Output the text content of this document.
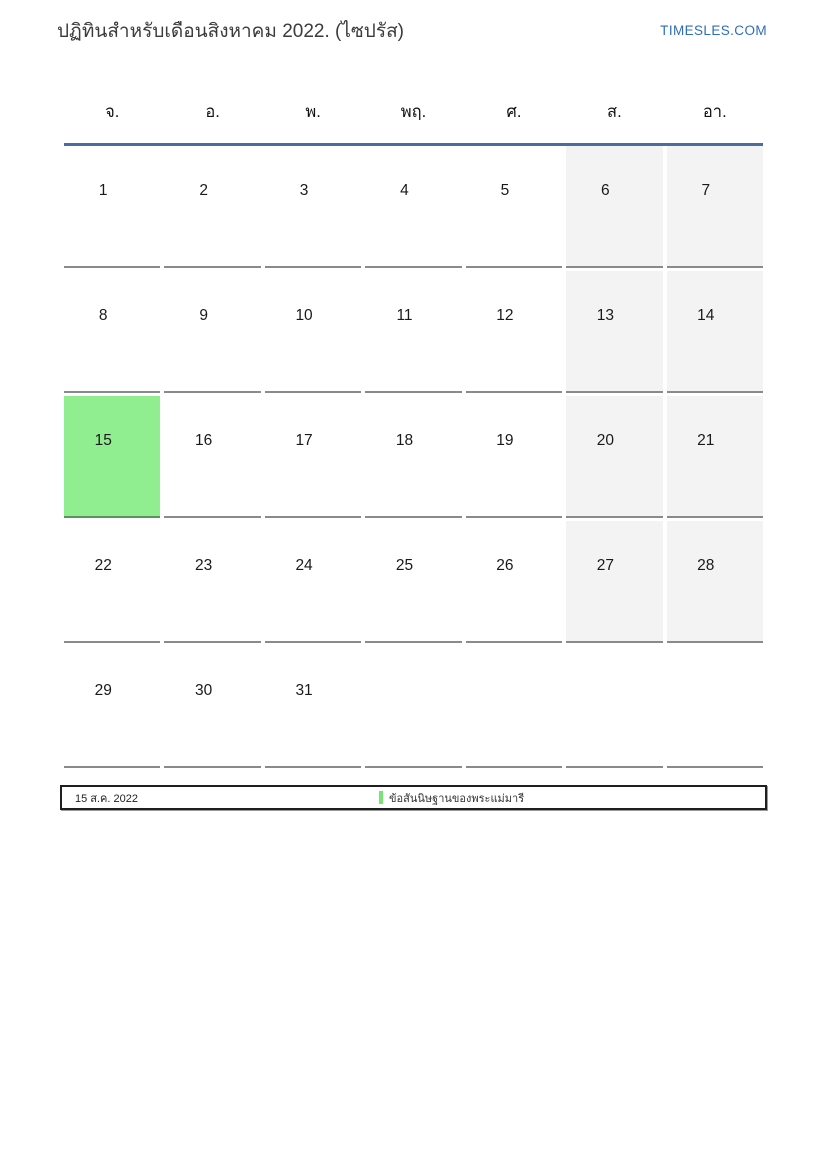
ปฏิทินสำหรับเดือนสิงหาคม 2022. (ไซปรัส)	TIMESLES.COM
จ.	อ.	พ.	พฤ.	ศ.	ส.	อา.
1	2	3	4	5	6	7
8	9	10	11	12	13	14
15	16	17	18	19	20	21
22	23	24	25	26	27	28
29	30	31
15 ส.ค. 2022	ข้อสันนิษฐานของพระแม่มารี
